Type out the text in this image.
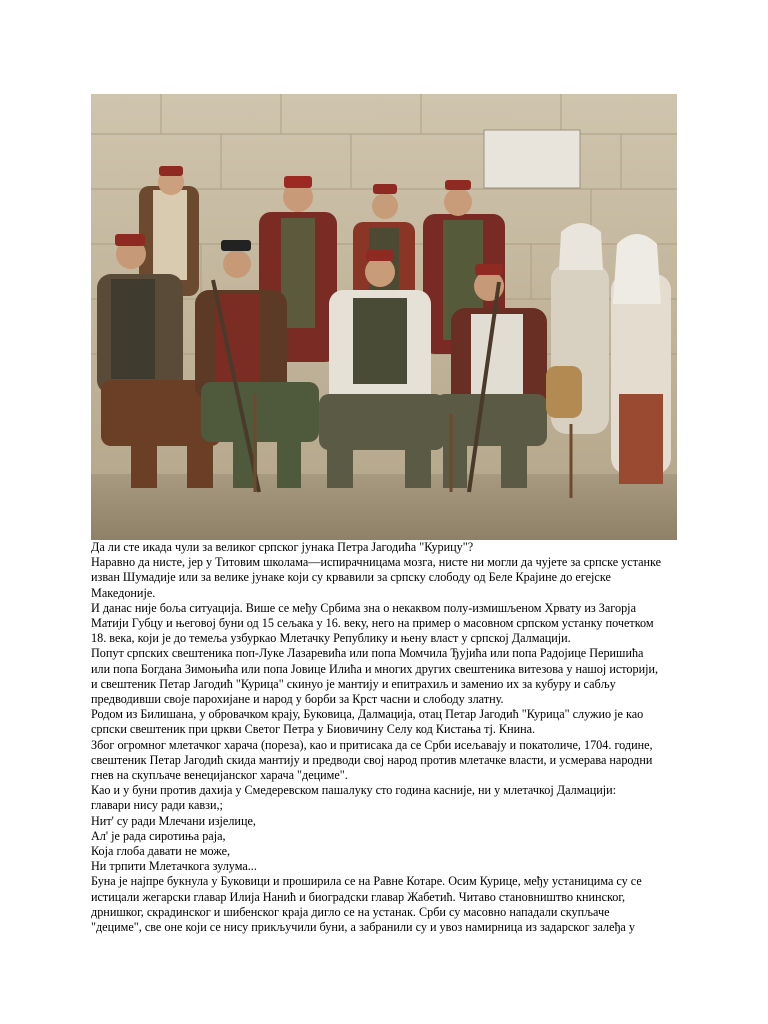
Да ли сте икада чули за великог српског јунака Петра Јагодића "Курицу"?

Наравно да нисте, јер у Титовим школама—испирачницама мозга, нисте ни могли да чујете за српске устанке

изван Шумадије или за велике јунаке који су крвавили за српску слободу од Беле Крајине до егејске

Македоније.

И данас није боља ситуација. Више се међу Србима зна о некаквом полу-измишљеном Хрвату из Загорја

Матији Губцу и његовој буни од 15 сељака у 16. веку, него на пример о масовном српском устанку почетком

18. века, који је до темеља узбуркао Млетачку Републику и њену власт у српској Далмацији.

Попут српских свештеника поп-Луке Лазаревића или попа Момчила Ђујића или попа Радојице Перишића

или попа Богдана Зимоњића или попа Јовице Илића и многих других свештеника витезова у нашој историји,

и свештеник Петар Јагодић "Курица" скинуо је мантију и епитрахиљ и заменио их за кубуру и сабљу

предводивши своје парохијане и народ у борби за Крст часни и слободу златну.

Родом из Билишана, у обровачком крају, Буковица, Далмација, отац Петар Јагодић "Курица" служио је као

српски свештеник при цркви Светог Петра у Биовичину Селу код Кистања тј. Книна.

Због огромног млетачког харача (пореза), као и притисака да се Срби исељавају и покатоличе, 1704. године,

свештеник Петар Јагодић скида мантију и предводи свој народ против млетачке власти, и усмерава народни

гнев на скупљаче венецијанског харача "дециме".

Као и у буни против дахија у Смедеревском пашалуку сто година касније, ни у млетачкој Далмацији:

главари нису ради кавзи,;

Нит' су ради Млечани изјелице,

Ал' је рада сиротиња раја,

Која глоба давати не може,

Ни трпити Млетачкога зулума...

Буна је најпре букнула у Буковици и проширила се на Равне Котаре. Осим Курице, међу устаницима су се

истицали жегарски главар Илија Нанић и биоградски главар Жабетић. Читаво становништво книнског,

дрнишког, скрадинског и шибенског краја дигло се на устанак. Срби су масовно нападали скупљаче

"дециме", све оне који се нису прикључили буни, а забранили су и увоз намирница из задарског залеђа у
